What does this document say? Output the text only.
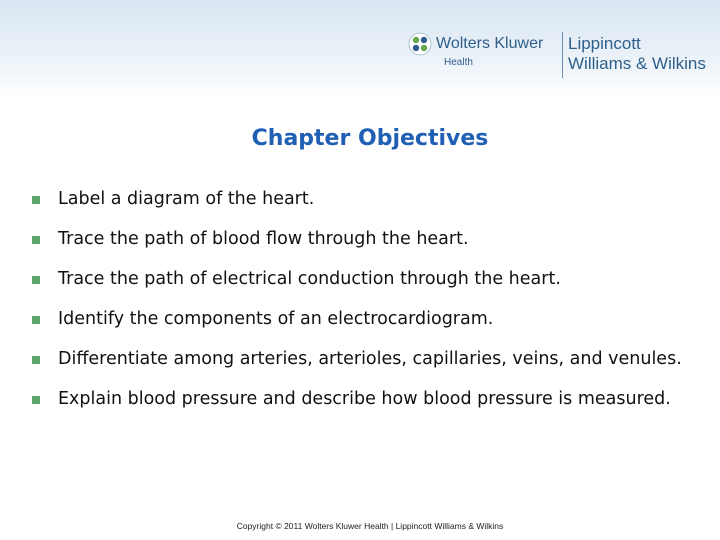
Wolters Kluwer
Health
Lippincott
Williams & Wilkins
Chapter Objectives
Label a diagram of the heart.
Trace the path of blood flow through the heart.
Trace the path of electrical conduction through the heart.
Identify the components of an electrocardiogram.
Differentiate among arteries, arterioles, capillaries, veins, and venules.
Explain blood pressure and describe how blood pressure is measured.
Copyright © 2011 Wolters Kluwer Health | Lippincott Williams & Wilkins
